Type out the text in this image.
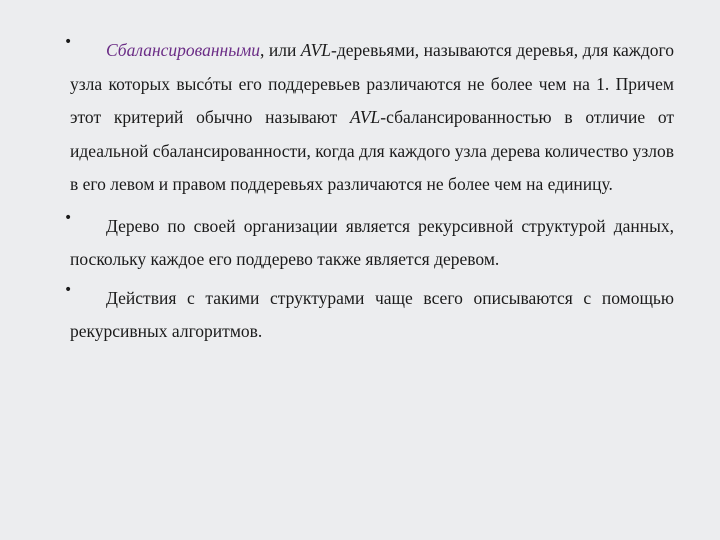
•	Сбалансированными, или AVL-деревьями, называются деревья, для каждого узла которых высóты его поддеревьев различаются не более чем на 1. Причем этот критерий обычно называют AVL-сбалансированностью в отличие от идеальной сбалансированности, когда для каждого узла дерева количество узлов в его левом и правом поддеревьях различаются не более чем на единицу.

•	Дерево по своей организации является рекурсивной структурой данных, поскольку каждое его поддерево также является деревом.

•	Действия с такими структурами чаще всего описываются с помощью рекурсивных алгоритмов.
